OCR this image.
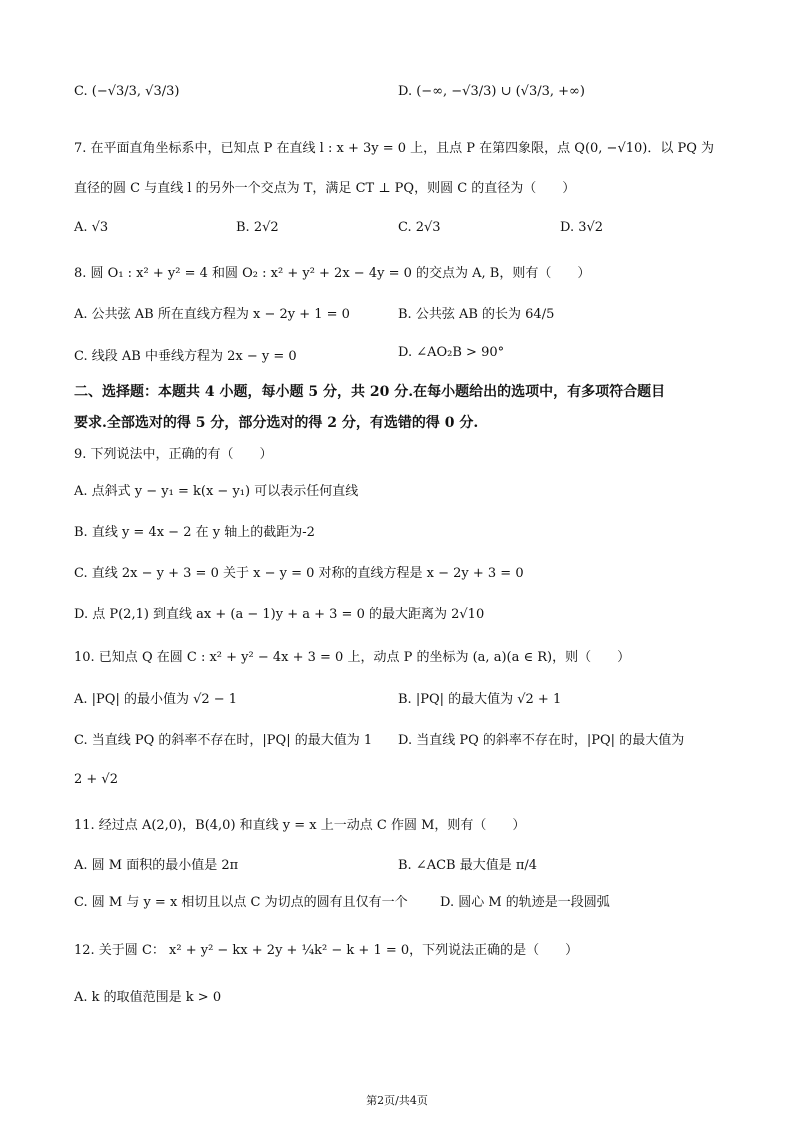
C. (−√3/3, √3/3)	D. (−∞, −√3/3) ∪ (√3/3, +∞)
7. 在平面直角坐标系中，已知点 P 在直线 l : x + 3y = 0 上，且点 P 在第四象限，点 Q(0, −√10)．以 PQ 为
直径的圆 C 与直线 l 的另外一个交点为 T，满足 CT ⊥ PQ，则圆 C 的直径为（　　）
A. √3	B. 2√2	C. 2√3	D. 3√2
8. 圆 O₁ : x² + y² = 4 和圆 O₂ : x² + y² + 2x − 4y = 0 的交点为 A, B，则有（　　）
A. 公共弦 AB 所在直线方程为 x − 2y + 1 = 0	B. 公共弦 AB 的长为 64/5
C. 线段 AB 中垂线方程为 2x − y = 0	D. ∠AO₂B > 90°
二、选择题：本题共 4 小题，每小题 5 分，共 20 分.在每小题给出的选项中，有多项符合题目
要求.全部选对的得 5 分，部分选对的得 2 分，有选错的得 0 分.
9. 下列说法中，正确的有（　　）
A. 点斜式 y − y₁ = k(x − y₁) 可以表示任何直线
B. 直线 y = 4x − 2 在 y 轴上的截距为-2
C. 直线 2x − y + 3 = 0 关于 x − y = 0 对称的直线方程是 x − 2y + 3 = 0
D. 点 P(2,1) 到直线 ax + (a − 1)y + a + 3 = 0 的最大距离为 2√10
10. 已知点 Q 在圆 C : x² + y² − 4x + 3 = 0 上，动点 P 的坐标为 (a, a)(a ∈ R)，则（　　）
A. |PQ| 的最小值为 √2 − 1	B. |PQ| 的最大值为 √2 + 1
C. 当直线 PQ 的斜率不存在时，|PQ| 的最大值为 1 D. 当直线 PQ 的斜率不存在时，|PQ| 的最大值为
2 + √2
11. 经过点 A(2,0)，B(4,0) 和直线 y = x 上一动点 C 作圆 M，则有（　　）
A. 圆 M 面积的最小值是 2π	B. ∠ACB 最大值是 π/4
C. 圆 M 与 y = x 相切且以点 C 为切点的圆有且仅有一个 D. 圆心 M 的轨迹是一段圆弧
12. 关于圆 C： x² + y² − kx + 2y + ¼k² − k + 1 = 0，下列说法正确的是（　　）
A. k 的取值范围是 k > 0
第2页/共4页
